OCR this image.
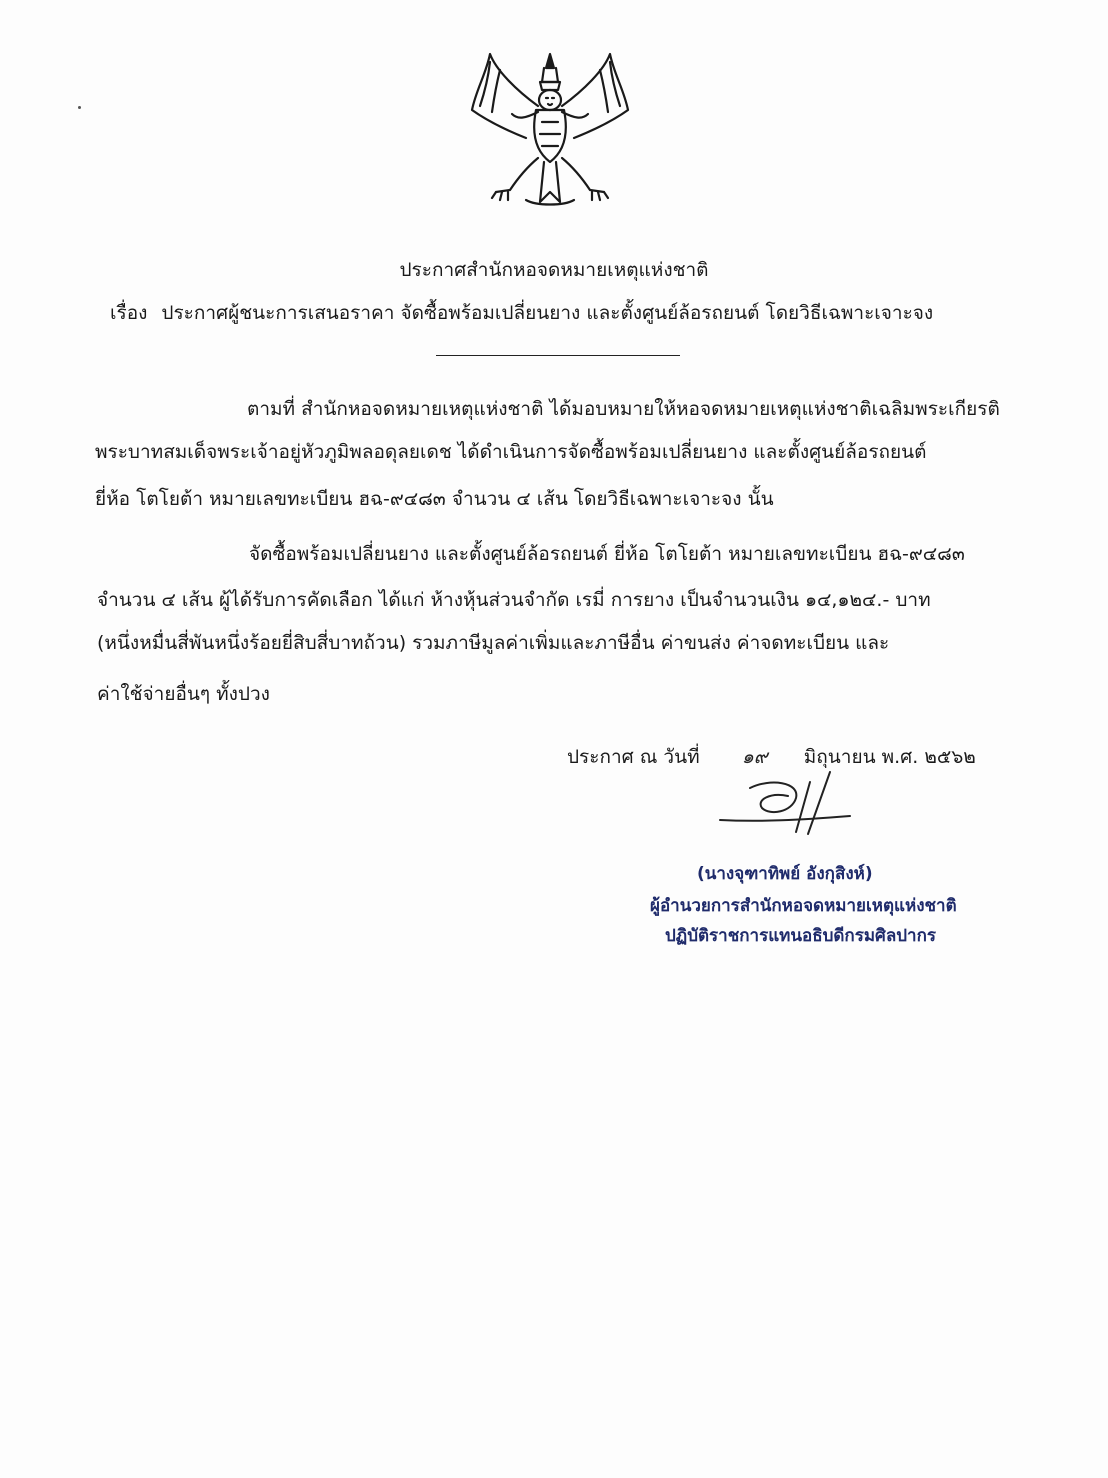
ประกาศสำนักหอจดหมายเหตุแห่งชาติ
เรื่อง ประกาศผู้ชนะการเสนอราคา จัดซื้อพร้อมเปลี่ยนยาง และตั้งศูนย์ล้อรถยนต์ โดยวิธีเฉพาะเจาะจง
ตามที่ สำนักหอจดหมายเหตุแห่งชาติ ได้มอบหมายให้หอจดหมายเหตุแห่งชาติเฉลิมพระเกียรติ
พระบาทสมเด็จพระเจ้าอยู่หัวภูมิพลอดุลยเดช ได้ดำเนินการจัดซื้อพร้อมเปลี่ยนยาง และตั้งศูนย์ล้อรถยนต์
ยี่ห้อ โตโยต้า หมายเลขทะเบียน ฮฉ-๙๔๘๓ จำนวน ๔ เส้น โดยวิธีเฉพาะเจาะจง นั้น
จัดซื้อพร้อมเปลี่ยนยาง และตั้งศูนย์ล้อรถยนต์ ยี่ห้อ โตโยต้า หมายเลขทะเบียน ฮฉ-๙๔๘๓
จำนวน ๔ เส้น ผู้ได้รับการคัดเลือก ได้แก่ ห้างหุ้นส่วนจำกัด เรมี่ การยาง เป็นจำนวนเงิน ๑๔,๑๒๔.- บาท
(หนึ่งหมื่นสี่พันหนึ่งร้อยยี่สิบสี่บาทถ้วน) รวมภาษีมูลค่าเพิ่มและภาษีอื่น ค่าขนส่ง ค่าจดทะเบียน และ
ค่าใช้จ่ายอื่นๆ ทั้งปวง
ประกาศ ณ วันที่ ๑๙ มิถุนายน พ.ศ. ๒๕๖๒
(นางจุฑาทิพย์ อังกุสิงห์)
ผู้อำนวยการสำนักหอจดหมายเหตุแห่งชาติ
ปฏิบัติราชการแทนอธิบดีกรมศิลปากร
